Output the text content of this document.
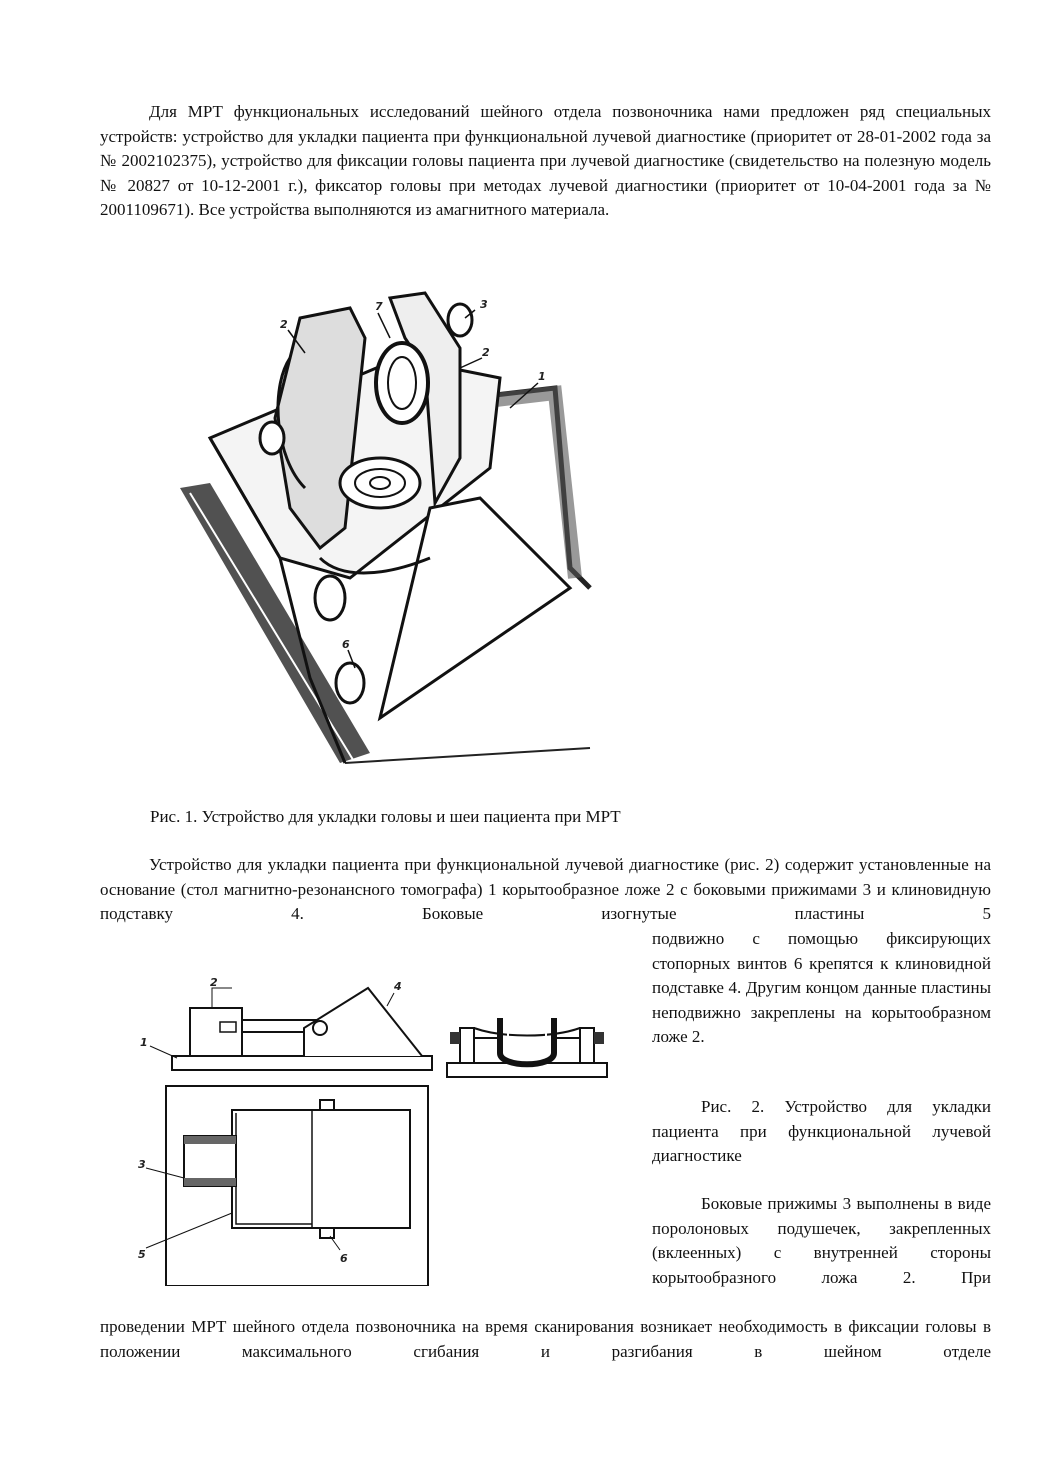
Для МРТ функциональных исследований шейного отдела позвоночника нами предложен ряд специальных устройств: устройство для укладки пациента при функциональной лучевой диагностике (приоритет от 28-01-2002 года за № 2002102375), устройство для фиксации головы пациента при лучевой диагностике (свидетельство на полезную модель № 20827 от 10-12-2001 г.), фиксатор головы при методах лучевой диагностики (приоритет от 10-04-2001 года за № 2001109671). Все устройства выполняются из амагнитного материала.

2
7	3
2
1
6

Рис. 1. Устройство для укладки головы и шеи пациента при МРТ

Устройство для укладки пациента при функциональной лучевой диагностике (рис. 2) содержит установленные на основание (стол магнитно-резонансного томографа) 1 корытообразное ложе 2 с боковыми прижимами 3 и клиновидную подставку 4. Боковые изогнутые пластины 5

подвижно с помощью фиксирующих стопорных винтов 6 крепятся к клиновидной подставке 4. Другим концом данные пластины неподвижно закреплены на корытообразном ложе 2.

2	4
1
3
5	6

Рис. 2. Устройство для укладки пациента при функциональной лучевой диагностике

Боковые прижимы 3 выполнены в виде поролоновых подушечек, закрепленных (вклеенных) с внутренней стороны корытообразного ложа 2. При

проведении МРТ шейного отдела позвоночника на время сканирования возникает необходимость в фиксации головы в положении максимального сгибания и разгибания в шейном отделе
